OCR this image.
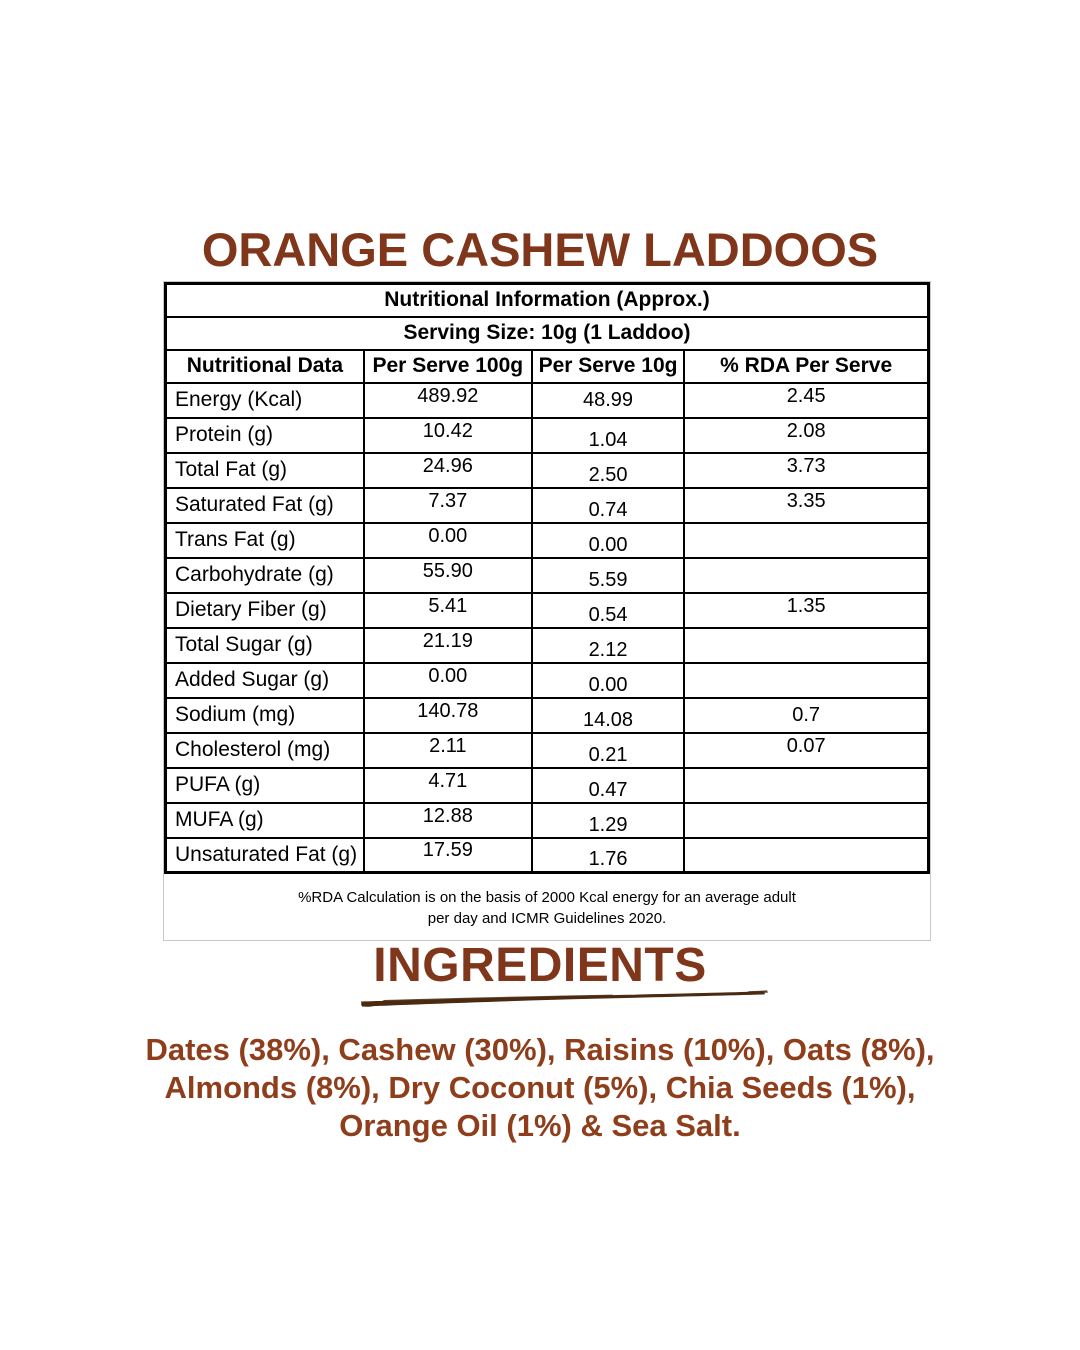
ORANGE CASHEW LADDOOS
Nutritional Information (Approx.)			
Serving Size: 10g (1 Laddoo)			
Nutritional Data	Per Serve 100g	Per Serve 10g	% RDA Per Serve
Energy (Kcal)	489.92	48.99	2.45
Protein (g)	10.42	1.04	2.08
Total Fat (g)	24.96	2.50	3.73
Saturated Fat (g)	7.37	0.74	3.35
Trans Fat (g)	0.00	0.00	
Carbohydrate (g)	55.90	5.59	
Dietary Fiber (g)	5.41	0.54	1.35
Total Sugar (g)	21.19	2.12	
Added Sugar (g)	0.00	0.00	
Sodium (mg)	140.78	14.08	0.7
Cholesterol (mg)	2.11	0.21	0.07
PUFA (g)	4.71	0.47	
MUFA (g)	12.88	1.29	
Unsaturated Fat (g)	17.59	1.76	
%RDA Calculation is on the basis of 2000 Kcal energy for an average adult
per day and ICMR Guidelines 2020.
INGREDIENTS
Dates (38%), Cashew (30%), Raisins (10%), Oats (8%),
Almonds (8%), Dry Coconut (5%), Chia Seeds (1%),
Orange Oil (1%) & Sea Salt.
